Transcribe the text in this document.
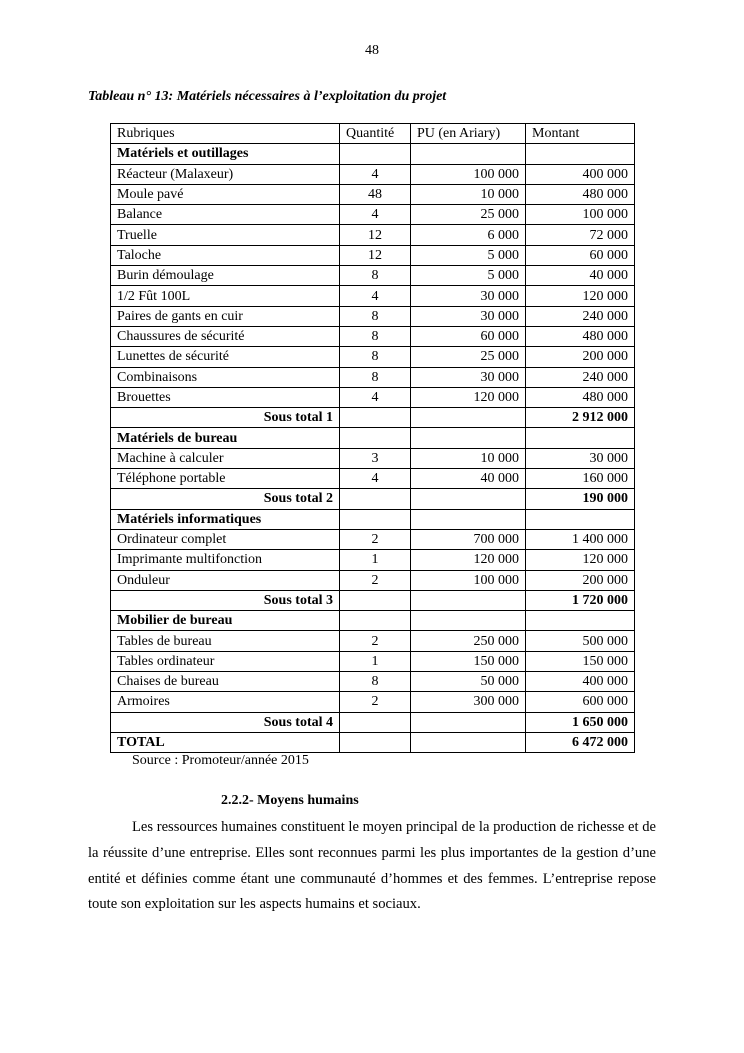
48
Tableau n° 13: Matériels nécessaires à l’exploitation du projet
Rubriques	Quantité	PU (en Ariary)	Montant
Matériels et outillages			
Réacteur (Malaxeur)	4	100 000	400 000
Moule pavé	48	10 000	480 000
Balance	4	25 000	100 000
Truelle	12	6 000	72 000
Taloche	12	5 000	60 000
Burin démoulage	8	5 000	40 000
1/2 Fût 100L	4	30 000	120 000
Paires de gants en cuir	8	30 000	240 000
Chaussures de sécurité	8	60 000	480 000
Lunettes de sécurité	8	25 000	200 000
Combinaisons	8	30 000	240 000
Brouettes	4	120 000	480 000
Sous total 1			2 912 000
Matériels de bureau			
Machine à calculer	3	10 000	30 000
Téléphone portable	4	40 000	160 000
Sous total 2			190 000
Matériels informatiques			
Ordinateur complet	2	700 000	1 400 000
Imprimante multifonction	1	120 000	120 000
Onduleur	2	100 000	200 000
Sous total 3			1 720 000
Mobilier de bureau			
Tables de bureau	2	250 000	500 000
Tables ordinateur	1	150 000	150 000
Chaises de bureau	8	50 000	400 000
Armoires	2	300 000	600 000
Sous total 4			1 650 000
TOTAL			6 472 000
Source : Promoteur/année 2015
2.2.2- Moyens humains

Les ressources humaines constituent le moyen principal de la production de richesse et de la réussite d’une entreprise. Elles sont reconnues parmi les plus importantes de la gestion d’une entité et définies comme étant une communauté d’hommes et des femmes. L’entreprise repose toute son exploitation sur les aspects humains et sociaux.
